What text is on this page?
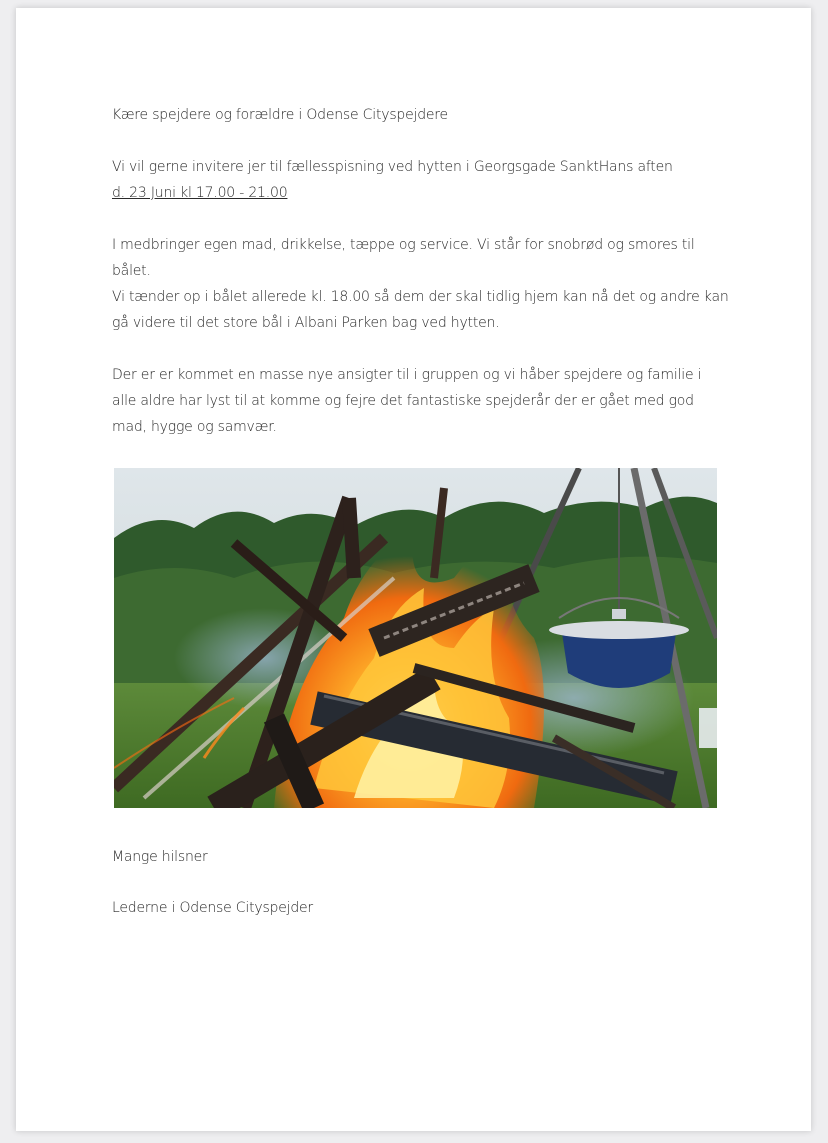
Kære spejdere og forældre i Odense Cityspejdere

Vi vil gerne invitere jer til fællesspisning ved hytten i Georgsgade SanktHans aften
d. 23 Juni kl 17.00 - 21.00

I medbringer egen mad, drikkelse, tæppe og service. Vi står for snobrød og smores til
bålet.
Vi tænder op i bålet allerede kl. 18.00 så dem der skal tidlig hjem kan nå det og andre kan
gå videre til det store bål i Albani Parken bag ved hytten.

Der er er kommet en masse nye ansigter til i gruppen og vi håber spejdere og familie i
alle aldre har lyst til at komme og fejre det fantastiske spejderår der er gået med god
mad, hygge og samvær.

Mange hilsner

Lederne i Odense Cityspejder
